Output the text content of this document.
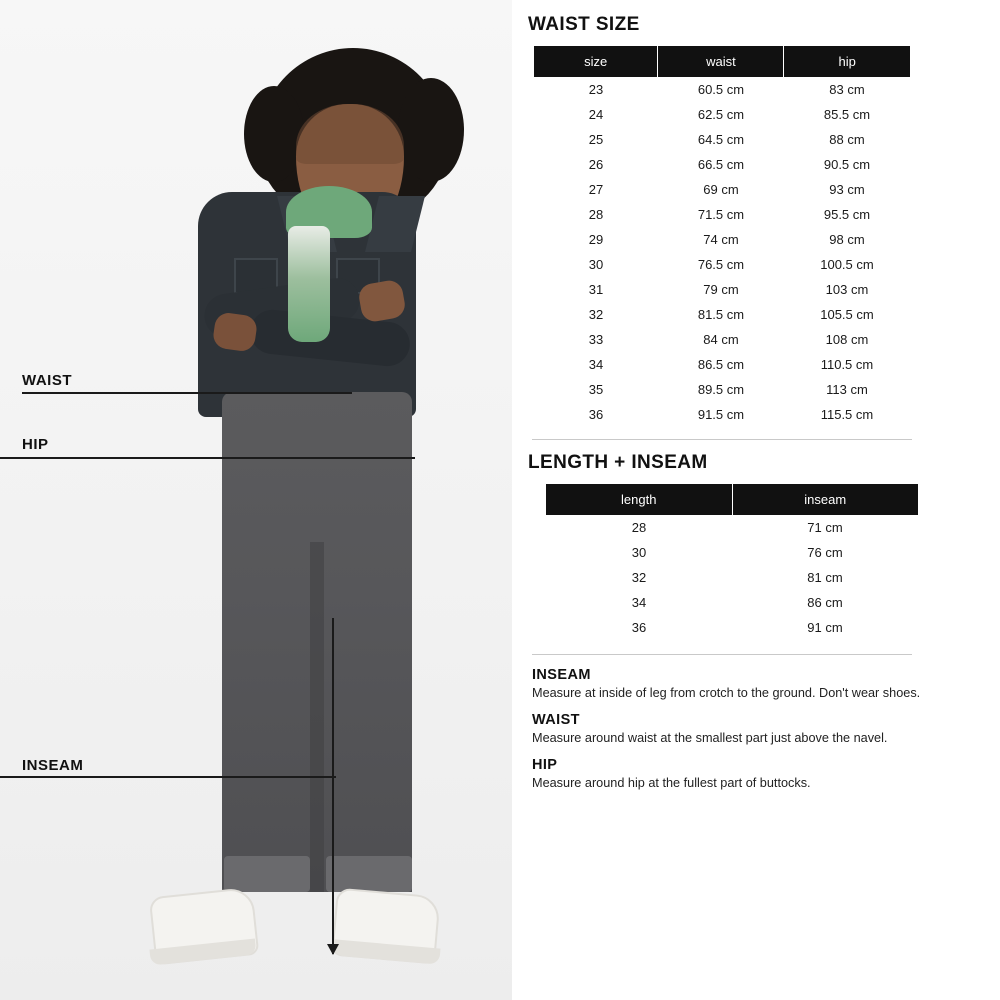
WAIST
HIP
INSEAM
WAIST SIZE
size	waist	hip
23	60.5 cm	83 cm
24	62.5 cm	85.5 cm
25	64.5 cm	88 cm
26	66.5 cm	90.5 cm
27	69 cm	93 cm
28	71.5 cm	95.5 cm
29	74 cm	98 cm
30	76.5 cm	100.5 cm
31	79 cm	103 cm
32	81.5 cm	105.5 cm
33	84 cm	108 cm
34	86.5 cm	110.5 cm
35	89.5 cm	113 cm
36	91.5 cm	115.5 cm
LENGTH + INSEAM
length	inseam
28	71 cm
30	76 cm
32	81 cm
34	86 cm
36	91 cm
INSEAM

Measure at inside of leg from crotch to the ground. Don't wear shoes.

WAIST

Measure around waist at the smallest part just above the navel.

HIP

Measure around hip at the fullest part of buttocks.
